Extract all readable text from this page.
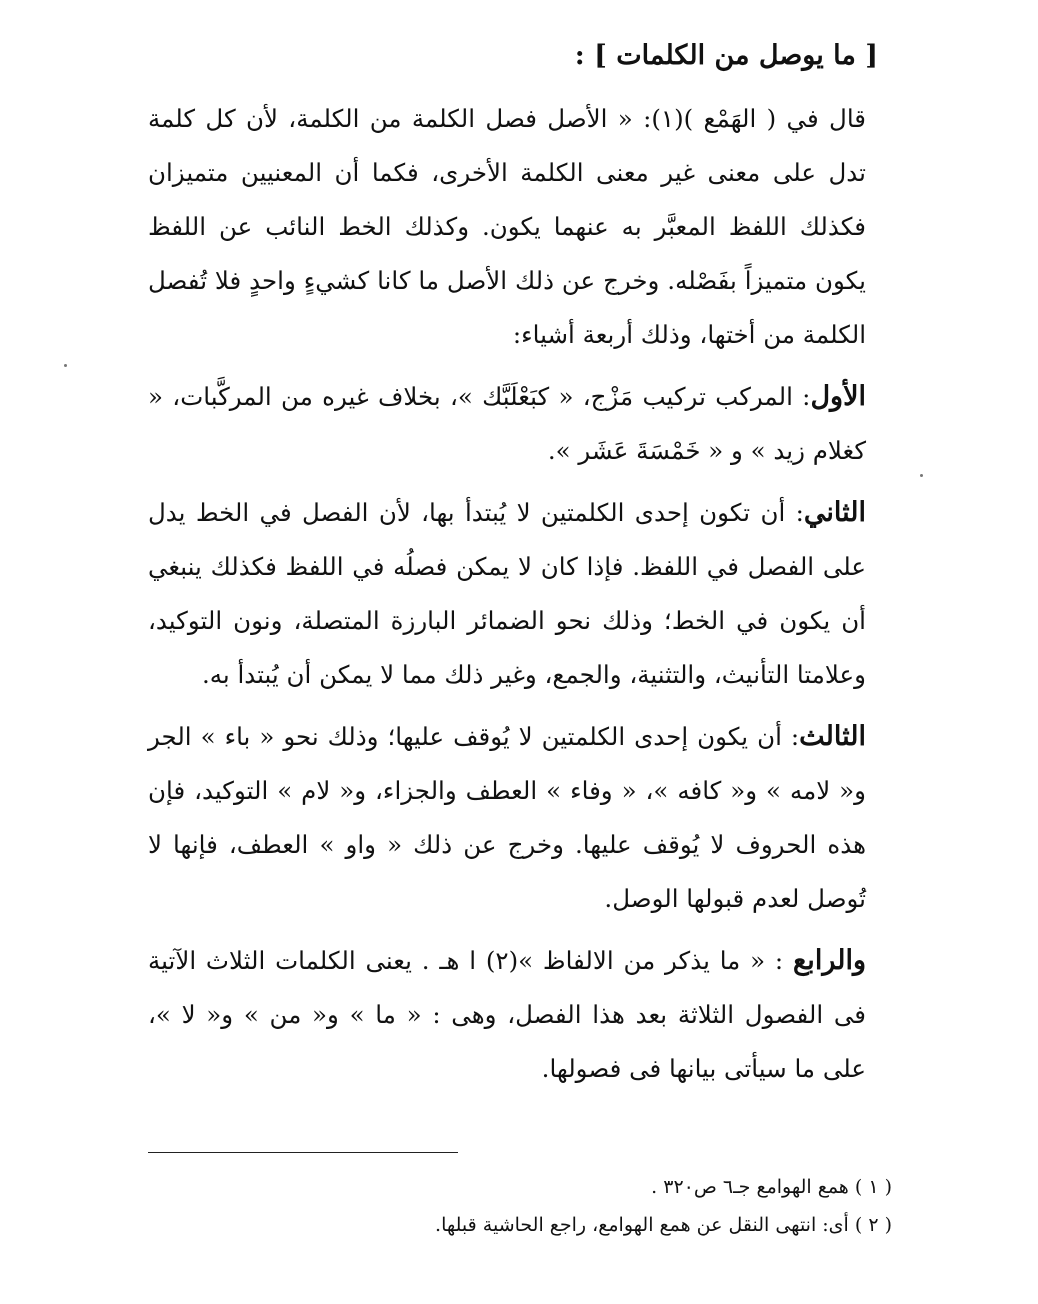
[ ما يوصل من الكلمات ] :

قال في ( الهَمْع )(١): « الأصل فصل الكلمة من الكلمة، لأن كل كلمة تدل على معنى غير معنى الكلمة الأخرى، فكما أن المعنيين متميزان فكذلك اللفظ المعبَّر به عنهما يكون. وكذلك الخط النائب عن اللفظ يكون متميزاً بفَصْله. وخرج عن ذلك الأصل ما كانا كشيءٍ واحدٍ فلا تُفصل الكلمة من أختها، وذلك أربعة أشياء:

الأول: المركب تركيب مَزْج، « كبَعْلَبَّك »، بخلاف غيره من المركَّبات، « كغلام زيد » و « خَمْسَةَ عَشَر ».

الثاني: أن تكون إحدى الكلمتين لا يُبتدأ بها، لأن الفصل في الخط يدل على الفصل في اللفظ. فإذا كان لا يمكن فصلُه في اللفظ فكذلك ينبغي أن يكون في الخط؛ وذلك نحو الضمائر البارزة المتصلة، ونون التوكيد، وعلامتا التأنيث، والتثنية، والجمع، وغير ذلك مما لا يمكن أن يُبتدأ به.

الثالث: أن يكون إحدى الكلمتين لا يُوقف عليها؛ وذلك نحو « باء » الجر و« لامه » و« كافه »، « وفاء » العطف والجزاء، و« لام » التوكيد، فإن هذه الحروف لا يُوقف عليها. وخرج عن ذلك « واو » العطف، فإنها لا تُوصل لعدم قبولها الوصل.

والرابع : « ما يذكر من الالفاظ »(٢) ا هـ . يعنى الكلمات الثلاث الآتية فى الفصول الثلاثة بعد هذا الفصل، وهى : « ما » و« من » و« لا »، على ما سيأتى بيانها فى فصولها.

( ١ ) همع الهوامع جـ٦ ص٣٢٠ .
( ٢ ) أى: انتهى النقل عن همع الهوامع، راجع الحاشية قبلها.
